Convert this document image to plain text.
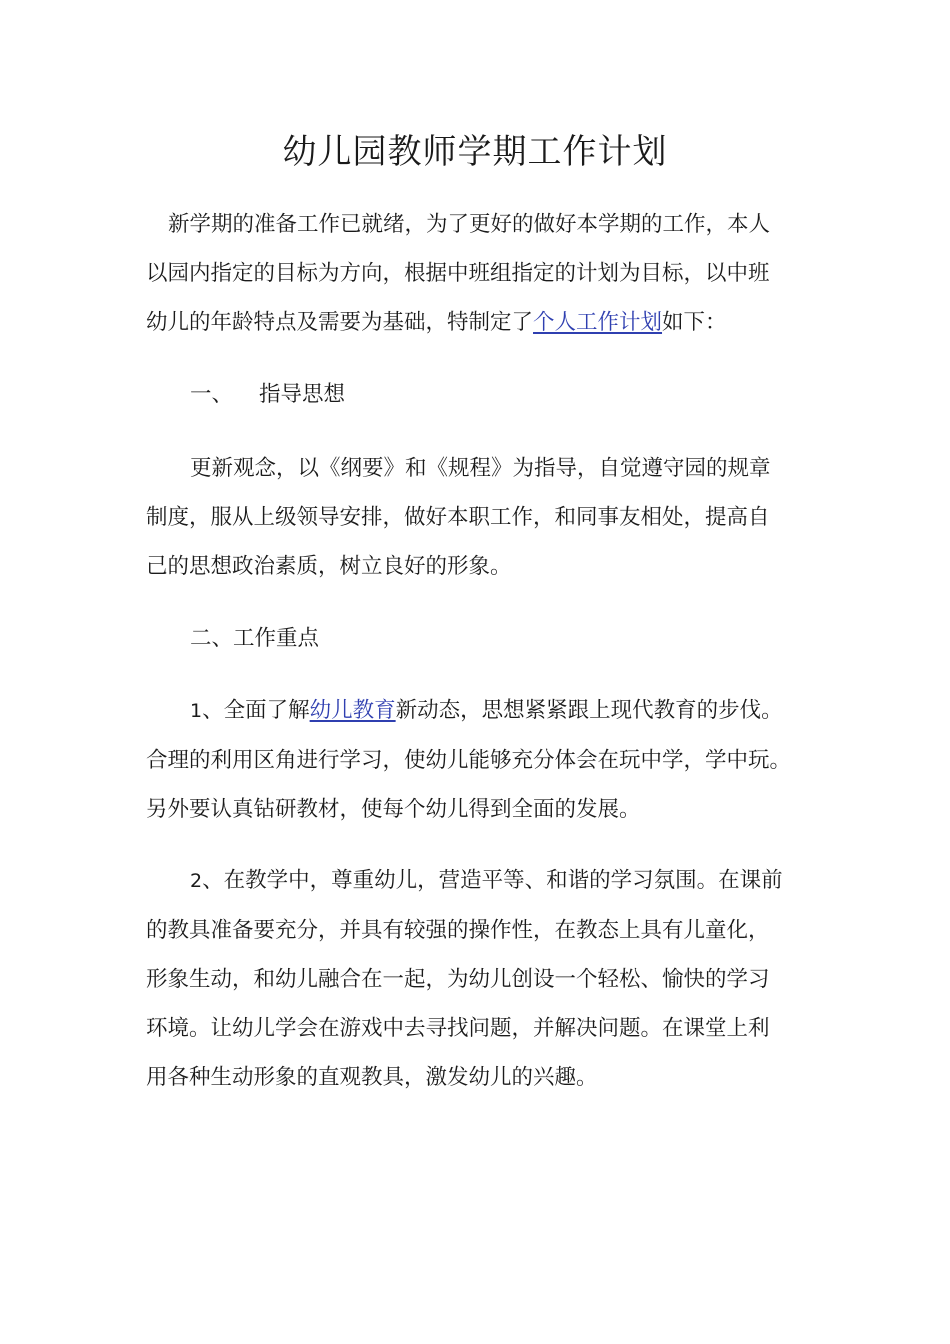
幼儿园教师学期工作计划

新学期的准备工作已就绪，为了更好的做好本学期的工作，本人
以园内指定的目标为方向，根据中班组指定的计划为目标，以中班
幼儿的年龄特点及需要为基础，特制定了个人工作计划如下：

一、 指导思想

更新观念，以《纲要》和《规程》为指导，自觉遵守园的规章
制度，服从上级领导安排，做好本职工作，和同事友相处，提高自
己的思想政治素质，树立良好的形象。

二、工作重点

1、全面了解幼儿教育新动态，思想紧紧跟上现代教育的步伐。
合理的利用区角进行学习，使幼儿能够充分体会在玩中学，学中玩。
另外要认真钻研教材，使每个幼儿得到全面的发展。

2、在教学中，尊重幼儿，营造平等、和谐的学习氛围。在课前
的教具准备要充分，并具有较强的操作性，在教态上具有儿童化，
形象生动，和幼儿融合在一起，为幼儿创设一个轻松、愉快的学习
环境。让幼儿学会在游戏中去寻找问题，并解决问题。在课堂上利
用各种生动形象的直观教具，激发幼儿的兴趣。
